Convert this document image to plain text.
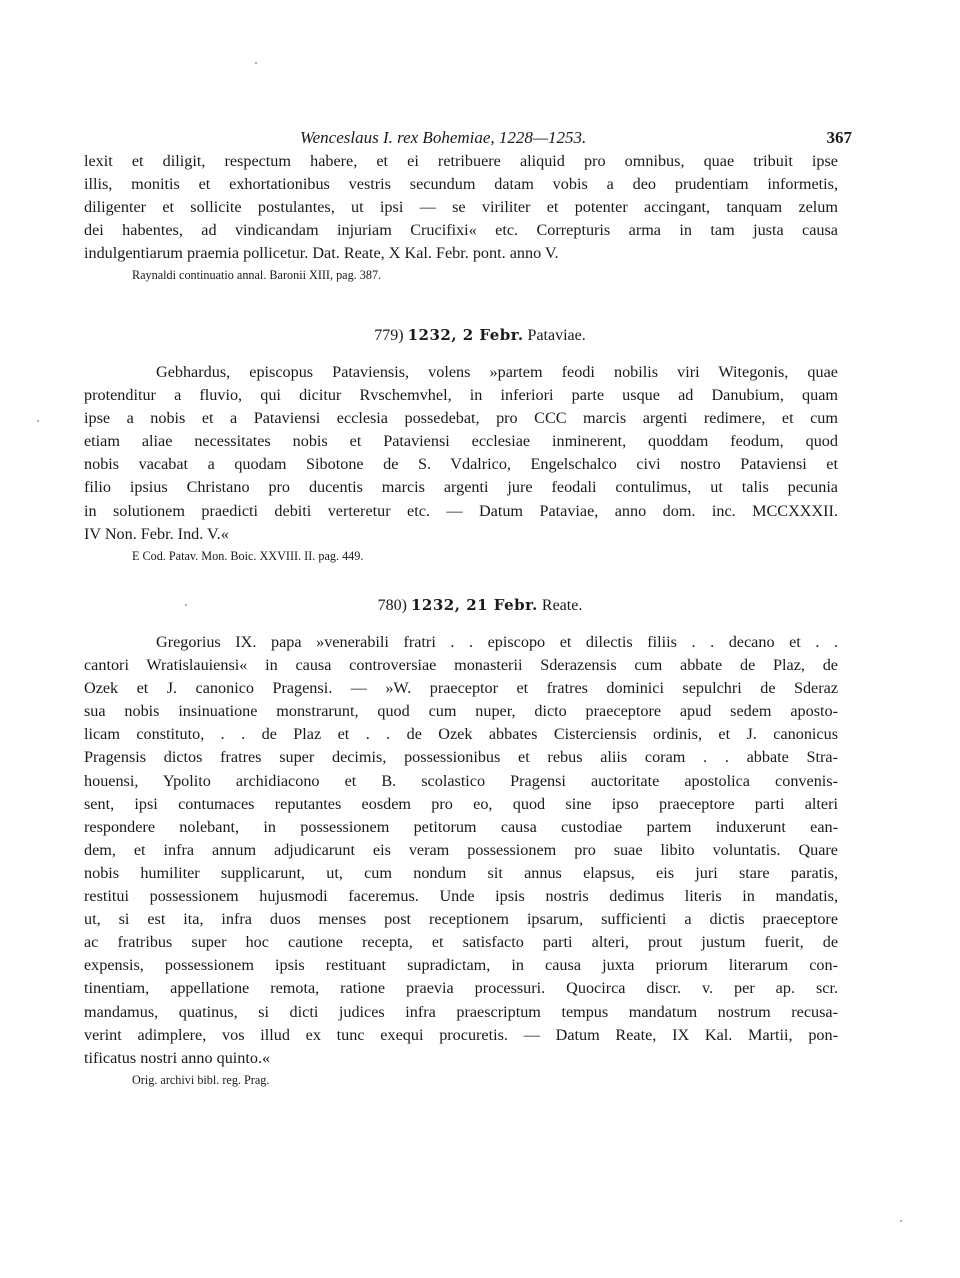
Wenceslaus I. rex Bohemiae, 1228—1253.	367
lexit et diligit, respectum habere, et ei retribuere aliquid pro omnibus, quae tribuit ipse
illis, monitis et exhortationibus vestris secundum datam vobis a deo prudentiam informetis,
diligenter et sollicite postulantes, ut ipsi — se viriliter et potenter accingant, tanquam zelum
dei habentes, ad vindicandam injuriam Crucifixi« etc. Correpturis arma in tam justa causa
indulgentiarum praemia pollicetur. Dat. Reate, X Kal. Febr. pont. anno V.
Raynaldi continuatio annal. Baronii XIII, pag. 387.
779) 1232, 2 Febr. Pataviae.
Gebhardus, episcopus Pataviensis, volens »partem feodi nobilis viri Witegonis, quae
protenditur a fluvio, qui dicitur Rvschemvhel, in inferiori parte usque ad Danubium, quam
ipse a nobis et a Pataviensi ecclesia possedebat, pro CCC marcis argenti redimere, et cum
etiam aliae necessitates nobis et Pataviensi ecclesiae inminerent, quoddam feodum, quod
nobis vacabat a quodam Sibotone de S. Vdalrico, Engelschalco civi nostro Pataviensi et
filio ipsius Christano pro ducentis marcis argenti jure feodali contulimus, ut talis pecunia
in solutionem praedicti debiti verteretur etc. — Datum Pataviae, anno dom. inc. MCCXXXII.
IV Non. Febr. Ind. V.«
E Cod. Patav. Mon. Boic. XXVIII. II. pag. 449.
780) 1232, 21 Febr. Reate.
Gregorius IX. papa »venerabili fratri . . episcopo et dilectis filiis . . decano et . .
cantori Wratislauiensi« in causa controversiae monasterii Sderazensis cum abbate de Plaz, de
Ozek et J. canonico Pragensi. — »W. praeceptor et fratres dominici sepulchri de Sderaz
sua nobis insinuatione monstrarunt, quod cum nuper, dicto praeceptore apud sedem aposto-
licam constituto, . . de Plaz et . . de Ozek abbates Cisterciensis ordinis, et J. canonicus
Pragensis dictos fratres super decimis, possessionibus et rebus aliis coram . . abbate Stra-
houensi, Ypolito archidiacono et B. scolastico Pragensi auctoritate apostolica convenis-
sent, ipsi contumaces reputantes eosdem pro eo, quod sine ipso praeceptore parti alteri
respondere nolebant, in possessionem petitorum causa custodiae partem induxerunt ean-
dem, et infra annum adjudicarunt eis veram possessionem pro suae libito voluntatis. Quare
nobis humiliter supplicarunt, ut, cum nondum sit annus elapsus, eis juri stare paratis,
restitui possessionem hujusmodi faceremus. Unde ipsis nostris dedimus literis in mandatis,
ut, si est ita, infra duos menses post receptionem ipsarum, sufficienti a dictis praeceptore
ac fratribus super hoc cautione recepta, et satisfacto parti alteri, prout justum fuerit, de
expensis, possessionem ipsis restituant supradictam, in causa juxta priorum literarum con-
tinentiam, appellatione remota, ratione praevia processuri. Quocirca discr. v. per ap. scr.
mandamus, quatinus, si dicti judices infra praescriptum tempus mandatum nostrum recusa-
verint adimplere, vos illud ex tunc exequi procuretis. — Datum Reate, IX Kal. Martii, pon-
tificatus nostri anno quinto.«
Orig. archivi bibl. reg. Prag.
